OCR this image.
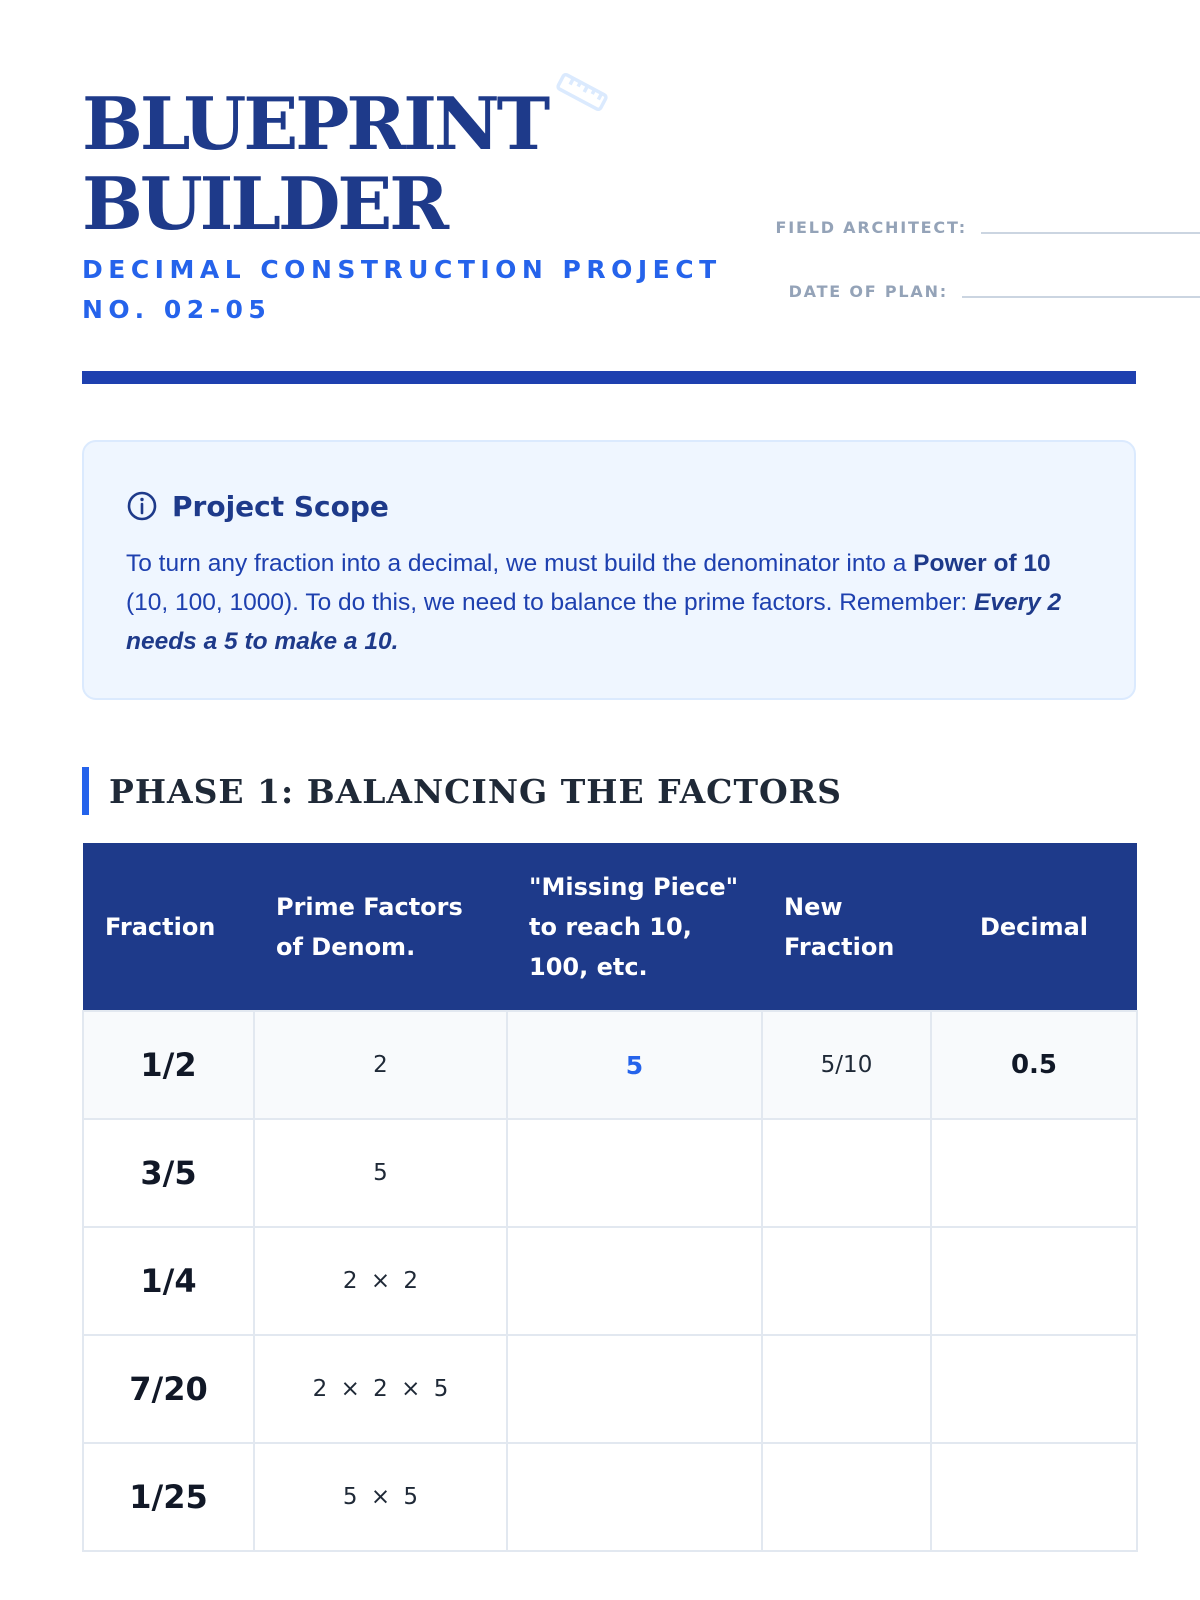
BLUEPRINT
BUILDER
DECIMAL CONSTRUCTION PROJECT NO. 02-05
FIELD ARCHITECT:
DATE OF PLAN:
Project Scope

To turn any fraction into a decimal, we must build the denominator into a Power of 10 (10, 100, 1000). To do this, we need to balance the prime factors. Remember: Every 2 needs a 5 to make a 10.

PHASE 1: BALANCING THE FACTORS
Fraction	Prime Factors of Denom.	"Missing Piece" to reach 10, 100, etc.	New Fraction	Decimal
1/2	2	5	5/10	0.5
3/5	5			
1/4	2 × 2			
7/20	2 × 2 × 5			
1/25	5 × 5			
